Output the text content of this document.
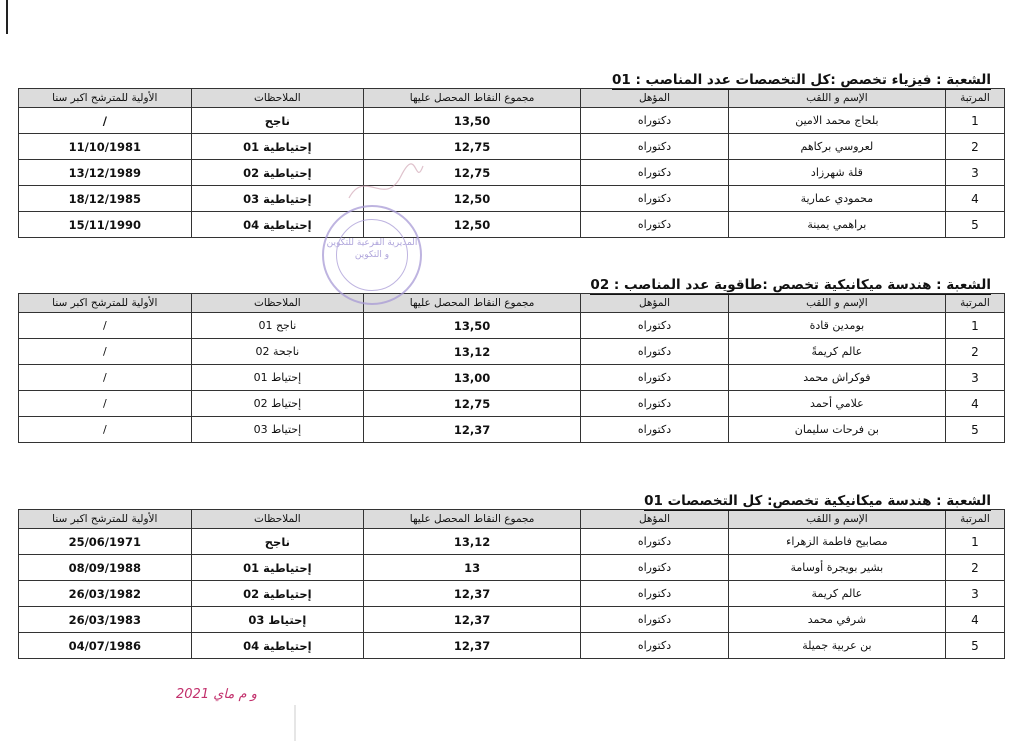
الشعبة : فيزياء تخصص :كل التخصصات عدد المناصب : 01
المرتبة	الإسم و اللقب	المؤهل	مجموع النقاط المحصل عليها	الملاحظات	الأولية للمترشح اكبر سنا
1	بلحاج محمد الامين	دكتوراه	13,50	ناجح	/
2	لعروسي بركاهم	دكتوراه	12,75	إحتياطية 01	11/10/1981
3	قلة شهرزاد	دكتوراه	12,75	إحتياطية 02	13/12/1989
4	محمودي عمارية	دكتوراه	12,50	إحتياطية 03	18/12/1985
5	براهمي يمينة	دكتوراه	12,50	إحتياطية 04	15/11/1990
الشعبة : هندسة ميكانيكية تخصص :طاقوية عدد المناصب : 02
المرتبة	الإسم و اللقب	المؤهل	مجموع النقاط المحصل عليها	الملاحظات	الأولية للمترشح اكبر سنا
1	بومدين قادة	دكتوراه	13,50	ناجح 01	/
2	عالم كريمةً	دكتوراه	13,12	ناجحة 02	/
3	فوكراش محمد	دكتوراه	13,00	إحتياط 01	/
4	علامي أحمد	دكتوراه	12,75	إحتياط 02	/
5	بن فرحات سليمان	دكتوراه	12,37	إحتياط 03	/
الشعبة : هندسة ميكانيكية تخصص: كل التخصصات 01
المرتبة	الإسم و اللقب	المؤهل	مجموع النقاط المحصل عليها	الملاحظات	الأولية للمترشح اكبر سنا
1	مصابيح فاطمة الزهراء	دكتوراه	13,12	ناجح	25/06/1971
2	بشير بويجرة أوسامة	دكتوراه	13	إحتياطية 01	08/09/1988
3	عالم كريمة	دكتوراه	12,37	إحتياطية 02	26/03/1982
4	شرفي محمد	دكتوراه	12,37	إحتياط 03	26/03/1983
5	بن عربية جميلة	دكتوراه	12,37	إحتياطية 04	04/07/1986
المديرية الفرعية للتكوين و التكوين
و م ماي 2021
